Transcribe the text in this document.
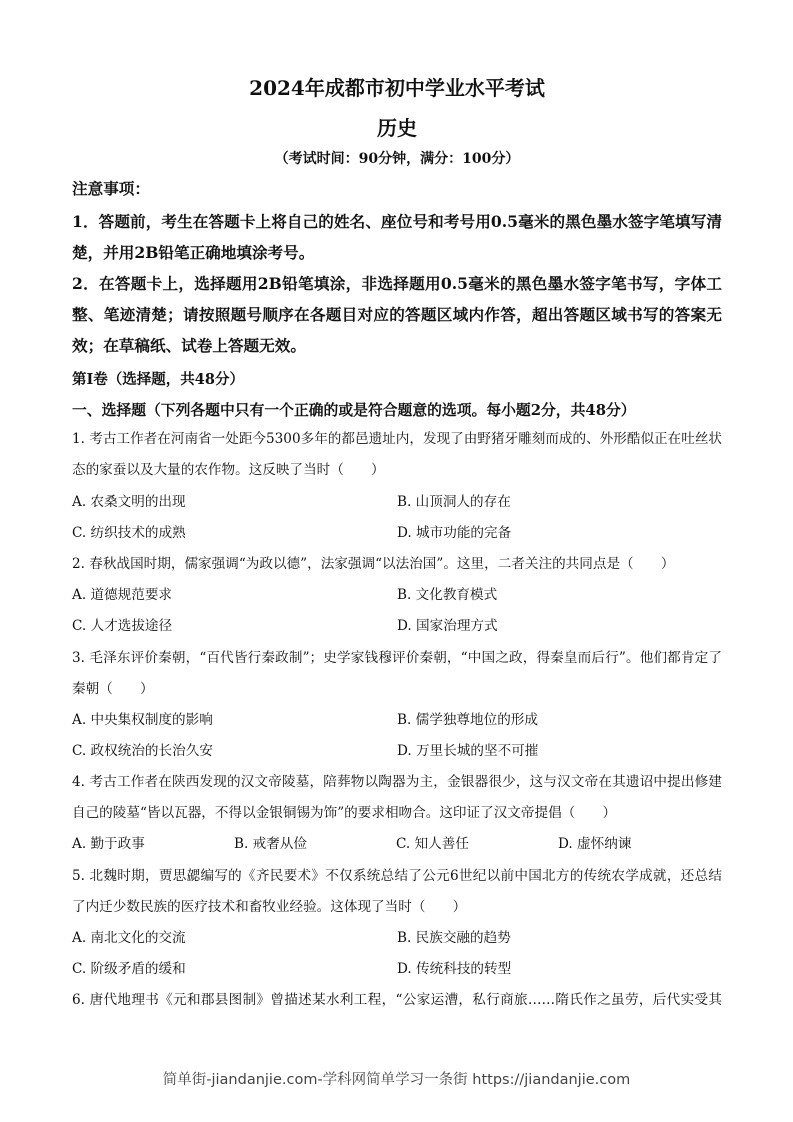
2024年成都市初中学业水平考试
历史
（考试时间：90分钟，满分：100分）
注意事项：
1．答题前，考生在答题卡上将自己的姓名、座位号和考号用0.5毫米的黑色墨水签字笔填写清楚，并用2B铅笔正确地填涂考号。
2．在答题卡上，选择题用2B铅笔填涂，非选择题用0.5毫米的黑色墨水签字笔书写，字体工整、笔迹清楚；请按照题号顺序在各题目对应的答题区域内作答，超出答题区域书写的答案无效；在草稿纸、试卷上答题无效。
第Ⅰ卷（选择题，共48分）
一、选择题（下列各题中只有一个正确的或是符合题意的选项。每小题2分，共48分）
1. 考古工作者在河南省一处距今5300多年的都邑遗址内，发现了由野猪牙雕刻而成的、外形酷似正在吐丝状态的家蚕以及大量的农作物。这反映了当时（　　）
A. 农桑文明的出现	B. 山顶洞人的存在
C. 纺织技术的成熟	D. 城市功能的完备
2. 春秋战国时期，儒家强调“为政以德”，法家强调“以法治国”。这里，二者关注的共同点是（　　）
A. 道德规范要求	B. 文化教育模式
C. 人才选拔途径	D. 国家治理方式
3. 毛泽东评价秦朝，“百代皆行秦政制”；史学家钱穆评价秦朝，“中国之政，得秦皇而后行”。他们都肯定了秦朝（　　）
A. 中央集权制度的影响	B. 儒学独尊地位的形成
C. 政权统治的长治久安	D. 万里长城的坚不可摧
4. 考古工作者在陕西发现的汉文帝陵墓，陪葬物以陶器为主，金银器很少，这与汉文帝在其遗诏中提出修建自己的陵墓“皆以瓦器，不得以金银铜锡为饰”的要求相吻合。这印证了汉文帝提倡（　　）
A. 勤于政事	B. 戒奢从俭	C. 知人善任	D. 虚怀纳谏
5. 北魏时期，贾思勰编写的《齐民要术》不仅系统总结了公元6世纪以前中国北方的传统农学成就，还总结了内迁少数民族的医疗技术和畜牧业经验。这体现了当时（　　）
A. 南北文化的交流	B. 民族交融的趋势
C. 阶级矛盾的缓和	D. 传统科技的转型
6. 唐代地理书《元和郡县图制》曾描述某水利工程，“公家运漕，私行商旅……隋氏作之虽劳，后代实受其
简单街-jiandanjie.com-学科网简单学习一条街 https://jiandanjie.com
